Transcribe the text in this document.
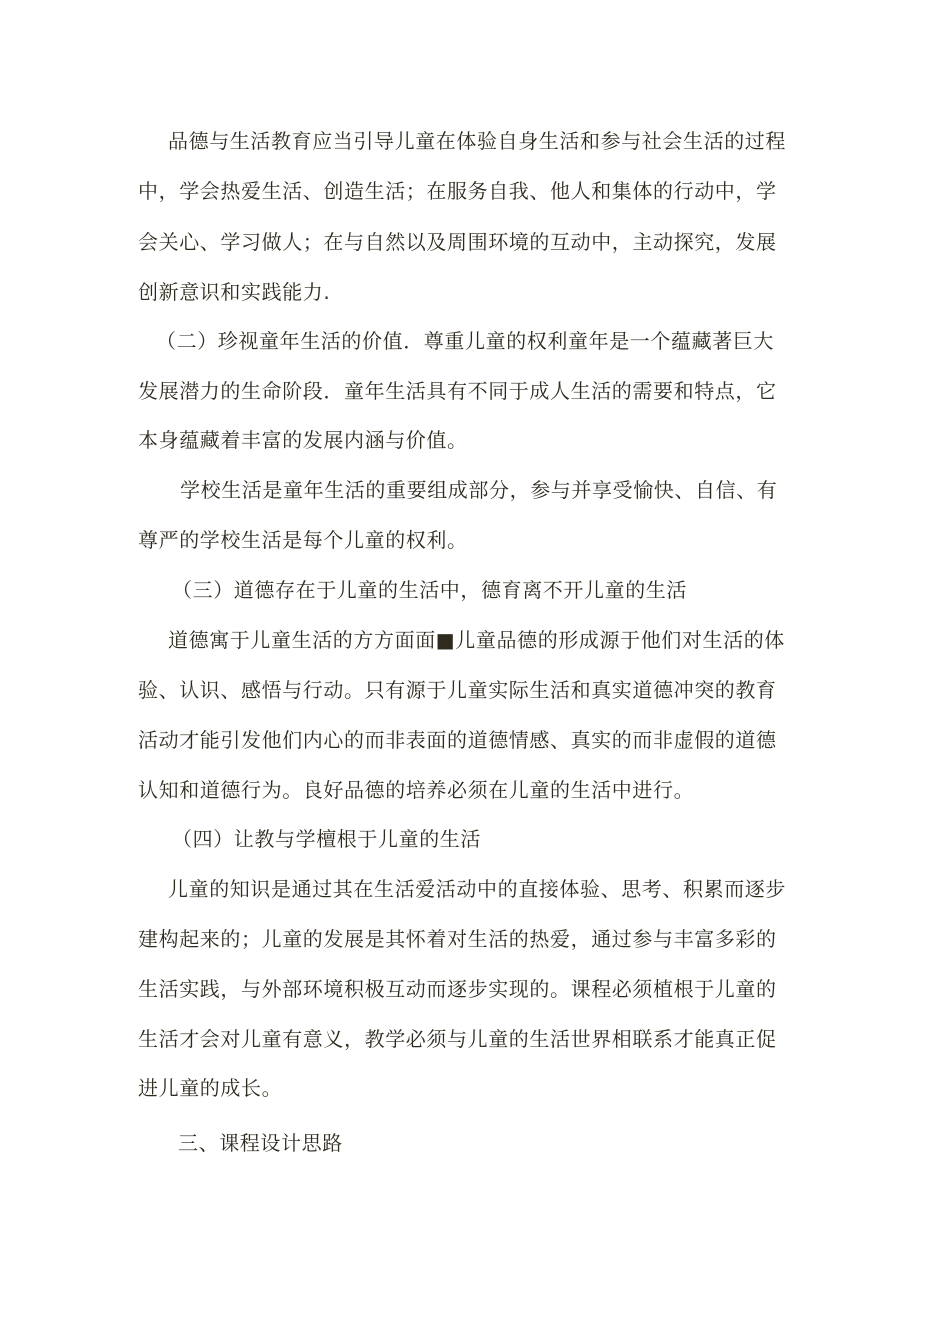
品德与生活教育应当引导儿童在体验自身生活和参与社会生活的过程
中，学会热爱生活、创造生活；在服务自我、他人和集体的行动中，学
会关心、学习做人；在与自然以及周围环境的互动中，主动探究，发展
创新意识和实践能力.
（二）珍视童年生活的价值．尊重儿童的权利童年是一个蕴藏著巨大
发展潜力的生命阶段．童年生活具有不同于成人生活的需要和特点，它
本身蕴藏着丰富的发展内涵与价值。
学校生活是童年生活的重要组成部分，参与并享受愉快、自信、有
尊严的学校生活是每个儿童的权利。
（三）道德存在于儿童的生活中，德育离不开儿童的生活
道德寓于儿童生活的方方面面■儿童品德的形成源于他们对生活的体
验、认识、感悟与行动。只有源于儿童实际生活和真实道德冲突的教育
活动才能引发他们内心的而非表面的道德情感、真实的而非虚假的道德
认知和道德行为。良好品德的培养必须在儿童的生活中进行。
（四）让教与学檀根于儿童的生活
儿童的知识是通过其在生活爱活动中的直接体验、思考、积累而逐步
建构起来的；儿童的发展是其怀着对生活的热爱，通过参与丰富多彩的
生活实践，与外部环境积极互动而逐步实现的。课程必须植根于儿童的
生活才会对儿童有意义，教学必须与儿童的生活世界相联系才能真正促
进儿童的成长。
三、课程设计思路
